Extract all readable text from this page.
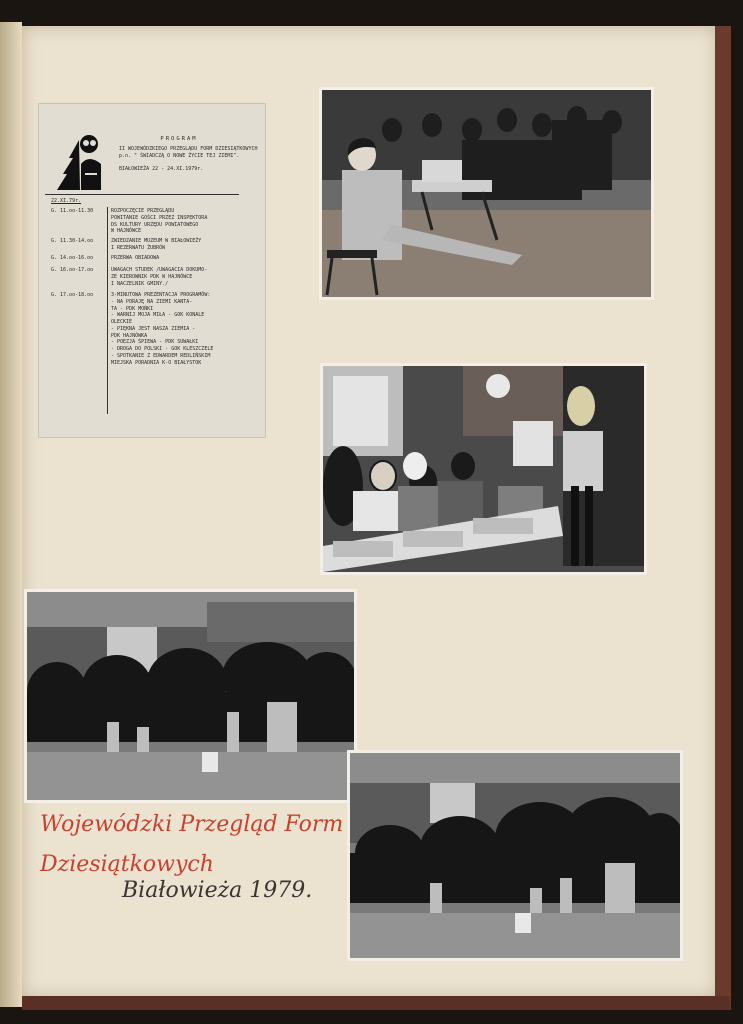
PROGRAM
II WOJEWÓDZKIEGO PRZEGLĄDU FORM DZIESIĄTKOWYCH p.n. " ŚWIADCZĄ O NOWE ŻYCIE TEJ ZIEMI".
BIAŁOWIEŻA 22 - 24.XI.1979r.
22.XI.79r.
G. 11.oo-11.30	ROZPOCZĘCIE PRZEGLĄDU
POWITANIE GOŚCI PRZEZ INSPEKTORA
DS KULTURY URZĘDU POWIATOWEGO
W HAJNÓWCE
G. 11.30-14.oo	ZWIEDZANIE MUZEUM W BIAŁOWIEŻY
I REZERWATU ŻUBRÓW
G. 14.oo-16.oo	PRZERWA OBIADOWA
G. 16.oo-17.oo	UWAGACH STUDEK /UWAGACIA DOKUMO-
ZE KIEROWNIK PDK W HAJNÓWCE
I NACZELNIK GMINY./
G. 17.oo-18.oo	3-MINUTOWA PREZENTACJA PROGRAMÓW:
- NA PORAJĘ NA ZIEMI KANTA-
TA - PDK MOŃKI
- WARNIJ MOJA MIŁA - GOK KONALE
OLECKIE
- PIĘKNA JEST NASZA ZIEMIA -
PDK HAJNÓWKA
- POEZJA ŚPIEWA - PDK SUWAŁKI
- DROGA DO POLSKI - GOK KLESZCZELE
- SPOTKANIE Z EDWARDEM REDLIŃSKIM
MIEJSKA PORADNIA K-O BIAŁYSTOK
Wojewódzki Przegląd Form
Dziesiątkowych
Białowieża 1979.
